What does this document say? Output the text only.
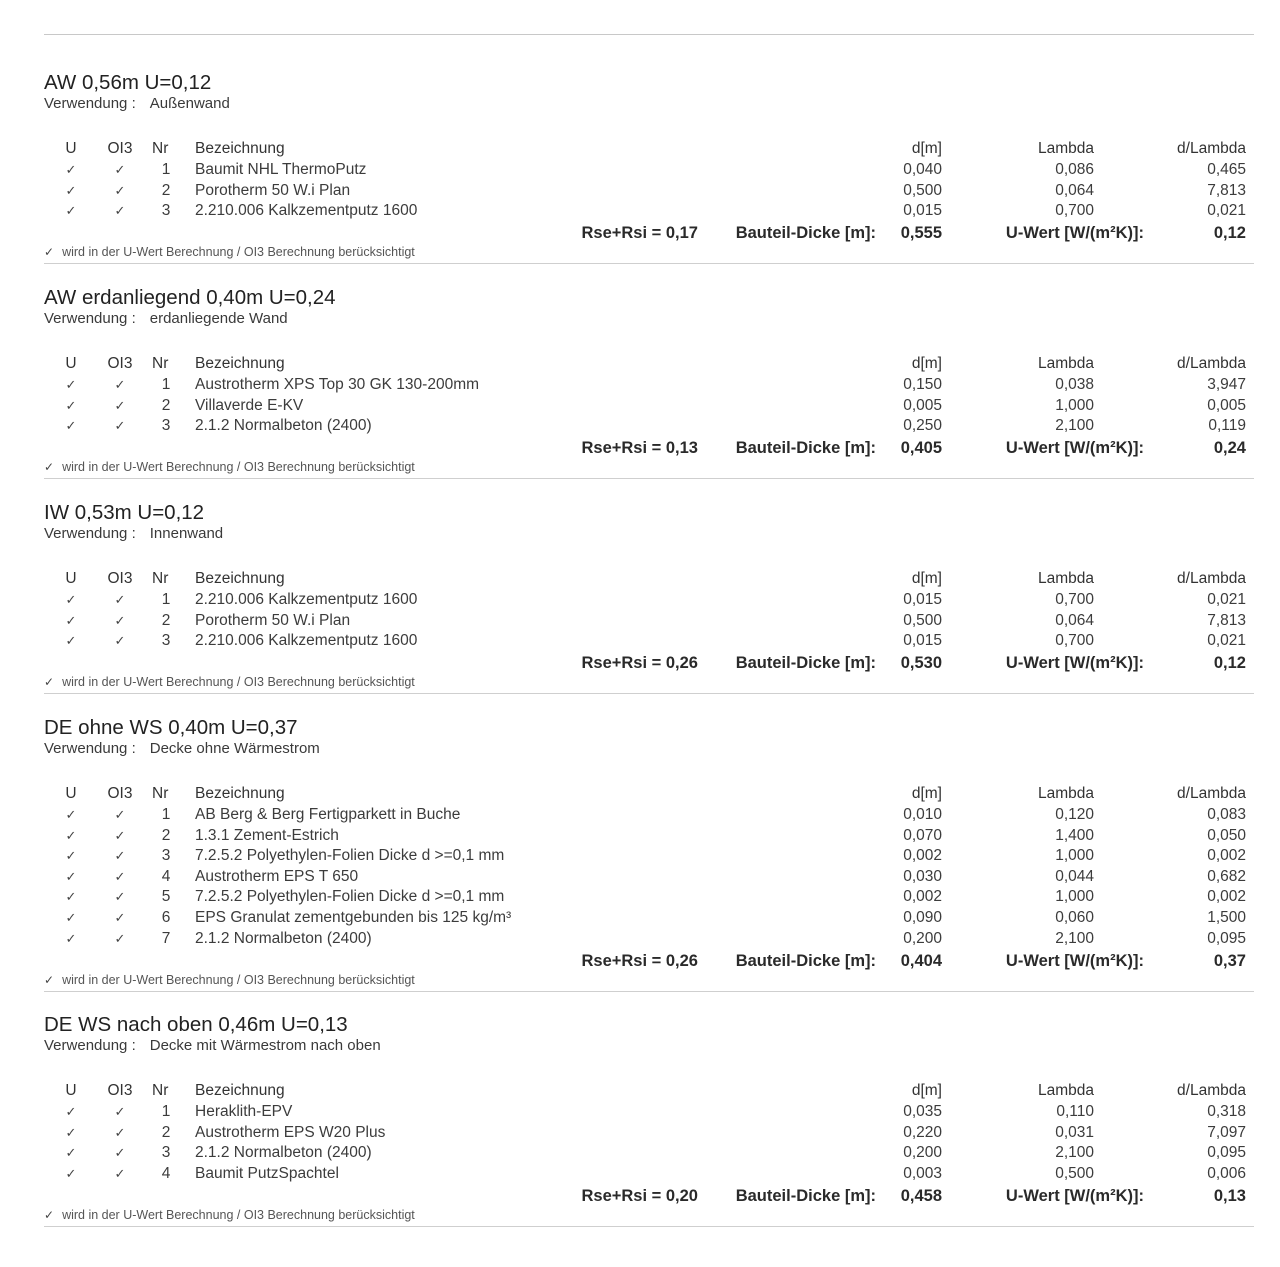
AW 0,56m U=0,12
Verwendung : Außenwand
U OI3 Nr	Bezeichnung	d[m]	Lambda	d/Lambda
✓	✓	1 Baumit NHL ThermoPutz	0,040	0,086	0,465
✓	✓	2 Porotherm 50 W.i Plan	0,500	0,064	7,813
✓	✓	3 2.210.006 Kalkzementputz 1600	0,015	0,700	0,021
Rse+Rsi = 0,17 Bauteil-Dicke [m]: 0,555	U-Wert [W/(m²K)]:	0,12
✓ wird in der U-Wert Berechnung / OI3 Berechnung berücksichtigt
AW erdanliegend 0,40m U=0,24
Verwendung : erdanliegende Wand
U OI3 Nr	Bezeichnung	d[m]	Lambda	d/Lambda
✓	✓	1 Austrotherm XPS Top 30 GK 130-200mm	0,150	0,038	3,947
✓	✓	2 Villaverde E-KV	0,005	1,000	0,005
✓	✓	3 2.1.2 Normalbeton (2400)	0,250	2,100	0,119
Rse+Rsi = 0,13 Bauteil-Dicke [m]: 0,405	U-Wert [W/(m²K)]:	0,24
✓ wird in der U-Wert Berechnung / OI3 Berechnung berücksichtigt
IW 0,53m U=0,12
Verwendung : Innenwand
U OI3 Nr	Bezeichnung	d[m]	Lambda	d/Lambda
✓	✓	1 2.210.006 Kalkzementputz 1600	0,015	0,700	0,021
✓	✓	2 Porotherm 50 W.i Plan	0,500	0,064	7,813
✓	✓	3 2.210.006 Kalkzementputz 1600	0,015	0,700	0,021
Rse+Rsi = 0,26 Bauteil-Dicke [m]: 0,530	U-Wert [W/(m²K)]:	0,12
✓ wird in der U-Wert Berechnung / OI3 Berechnung berücksichtigt
DE ohne WS 0,40m U=0,37
Verwendung : Decke ohne Wärmestrom
U OI3 Nr	Bezeichnung	d[m]	Lambda	d/Lambda
✓	✓	1 AB Berg & Berg Fertigparkett in Buche	0,010	0,120	0,083
✓	✓	2 1.3.1 Zement-Estrich	0,070	1,400	0,050
✓	✓	3 7.2.5.2 Polyethylen-Folien Dicke d >=0,1 mm	0,002	1,000	0,002
✓	✓	4 Austrotherm EPS T 650	0,030	0,044	0,682
✓	✓	5 7.2.5.2 Polyethylen-Folien Dicke d >=0,1 mm	0,002	1,000	0,002
✓	✓	6 EPS Granulat zementgebunden bis 125 kg/m³	0,090	0,060	1,500
✓	✓	7 2.1.2 Normalbeton (2400)	0,200	2,100	0,095
Rse+Rsi = 0,26 Bauteil-Dicke [m]: 0,404	U-Wert [W/(m²K)]:	0,37
✓ wird in der U-Wert Berechnung / OI3 Berechnung berücksichtigt
DE WS nach oben 0,46m U=0,13
Verwendung : Decke mit Wärmestrom nach oben
U OI3 Nr	Bezeichnung	d[m]	Lambda	d/Lambda
✓	✓	1 Heraklith-EPV	0,035	0,110	0,318
✓	✓	2 Austrotherm EPS W20 Plus	0,220	0,031	7,097
✓	✓	3 2.1.2 Normalbeton (2400)	0,200	2,100	0,095
✓	✓	4 Baumit PutzSpachtel	0,003	0,500	0,006
Rse+Rsi = 0,20 Bauteil-Dicke [m]: 0,458	U-Wert [W/(m²K)]:	0,13
✓ wird in der U-Wert Berechnung / OI3 Berechnung berücksichtigt
